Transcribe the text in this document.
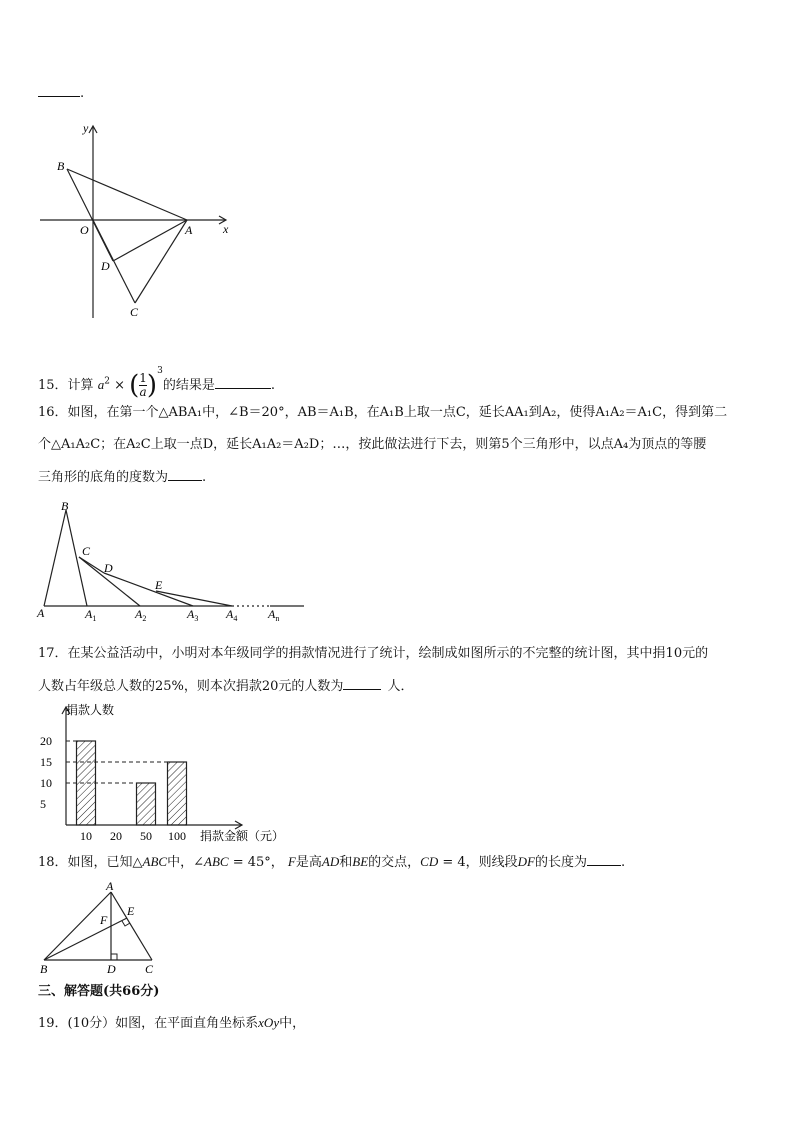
.
y
x
B
O	A
D
C
15．计算 $a^2$ × ( $\frac{1}{a} )^3$的结果是	.
16．如图，在第一个△ABA₁中，∠B＝20°，AB＝A₁B，在A₁B上取一点C，延长AA₁到A₂，使得A₁A₂＝A₁C，得到第二
个△A₁A₂C；在A₂C上取一点D，延长A₁A₂＝A₂D；…，按此做法进行下去，则第5个三角形中，以点A₄为顶点的等腰
三角形的底角的度数为	.
B
C
D
E
A	$A_1$	$A_2$	$A_3$ $A_4$	$A_n$
17．在某公益活动中，小明对本年级同学的捐款情况进行了统计，绘制成如图所示的不完整的统计图，其中捐10元的
人数占年级总人数的25%，则本次捐款20元的人数为	人．
捐款人数
捐款金额（元）
5
10
15
20
10 20 50 100
18．如图，已知△ABC中，∠ABC = 45°， F是高AD和BE的交点，CD = 4，则线段DF的长度为	.
A
E
F
B	D C
三、解答题(共66分)
19．(10分）如图，在平面直角坐标系xOy中，
